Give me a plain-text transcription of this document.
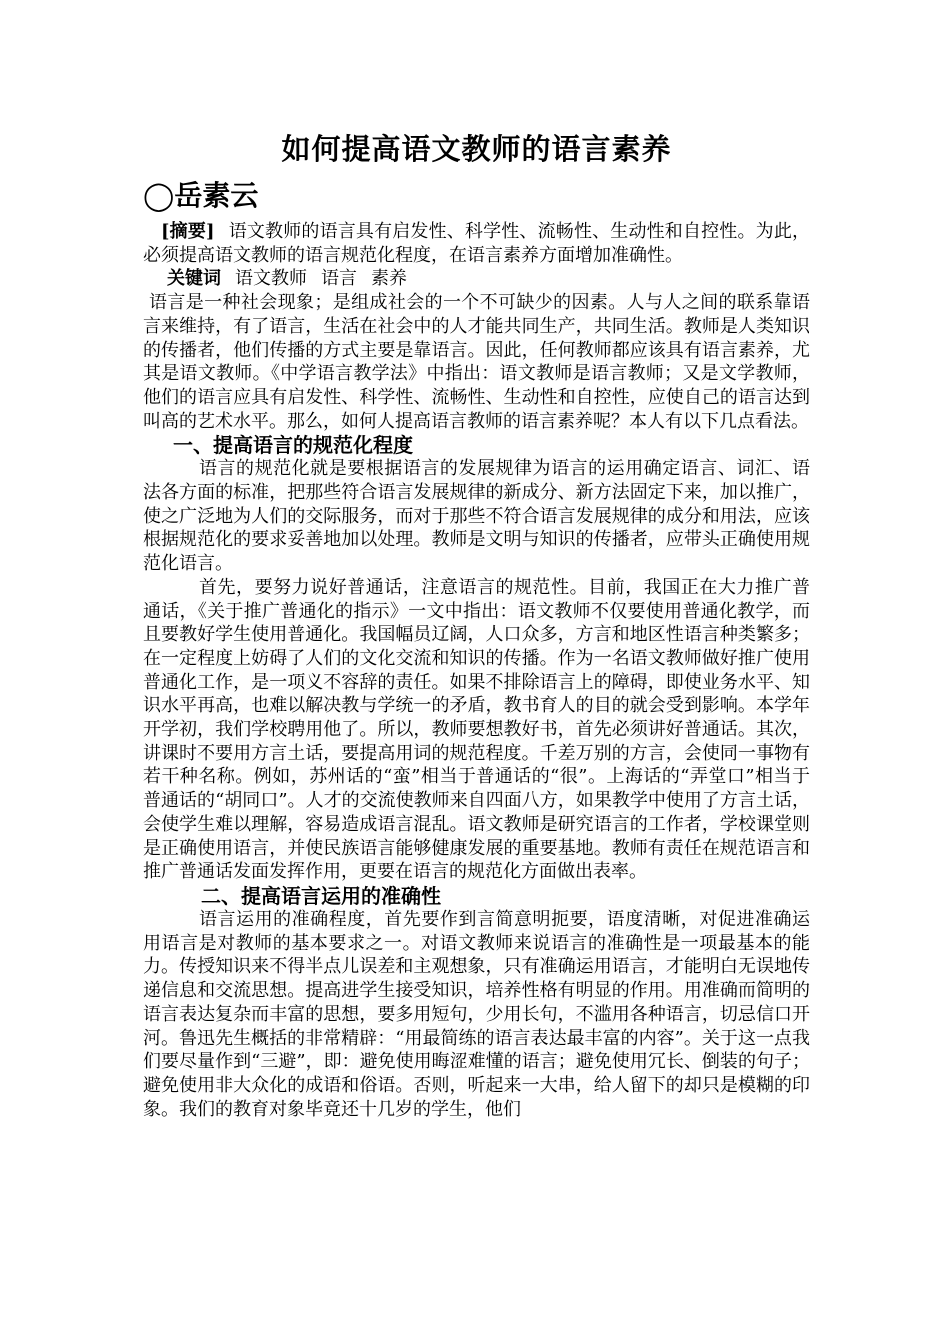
如何提高语文教师的语言素养
◯岳素云

[摘要] 语文教师的语言具有启发性、科学性、流畅性、生动性和自控性。为此，必须提高语文教师的语言规范化程度，在语言素养方面增加准确性。

关键词 语文教师 语言 素养

语言是一种社会现象；是组成社会的一个不可缺少的因素。人与人之间的联系靠语言来维持，有了语言，生活在社会中的人才能共同生产，共同生活。教师是人类知识的传播者，他们传播的方式主要是靠语言。因此，任何教师都应该具有语言素养，尤其是语文教师。《中学语言教学法》中指出：语文教师是语言教师；又是文学教师，他们的语言应具有启发性、科学性、流畅性、生动性和自控性，应使自己的语言达到叫高的艺术水平。那么，如何人提高语言教师的语言素养呢？本人有以下几点看法。

一、提高语言的规范化程度

语言的规范化就是要根据语言的发展规律为语言的运用确定语言、词汇、语法各方面的标准，把那些符合语言发展规律的新成分、新方法固定下来，加以推广，使之广泛地为人们的交际服务，而对于那些不符合语言发展规律的成分和用法，应该根据规范化的要求妥善地加以处理。教师是文明与知识的传播者，应带头正确使用规范化语言。

首先，要努力说好普通话，注意语言的规范性。目前，我国正在大力推广普通话，《关于推广普通化的指示》一文中指出：语文教师不仅要使用普通化教学，而且要教好学生使用普通化。我国幅员辽阔，人口众多，方言和地区性语言种类繁多；在一定程度上妨碍了人们的文化交流和知识的传播。作为一名语文教师做好推广使用普通化工作，是一项义不容辞的责任。如果不排除语言上的障碍，即使业务水平、知识水平再高，也难以解决教与学统一的矛盾，教书育人的目的就会受到影响。本学年开学初，我们学校聘用他了。所以，教师要想教好书，首先必须讲好普通话。其次，讲课时不要用方言土话，要提高用词的规范程度。千差万别的方言，会使同一事物有若干种名称。例如，苏州话的“蛮”相当于普通话的“很”。上海话的“弄堂口”相当于普通话的“胡同口”。人才的交流使教师来自四面八方，如果教学中使用了方言土话，会使学生难以理解，容易造成语言混乱。语文教师是研究语言的工作者，学校课堂则是正确使用语言，并使民族语言能够健康发展的重要基地。教师有责任在规范语言和推广普通话发面发挥作用，更要在语言的规范化方面做出表率。

二、提高语言运用的准确性

语言运用的准确程度，首先要作到言简意明扼要，语度清晰，对促进准确运用语言是对教师的基本要求之一。对语文教师来说语言的准确性是一项最基本的能力。传授知识来不得半点儿误差和主观想象，只有准确运用语言，才能明白无误地传递信息和交流思想。提高进学生接受知识，培养性格有明显的作用。用准确而简明的语言表达复杂而丰富的思想，要多用短句，少用长句，不滥用各种语言，切忌信口开河。鲁迅先生概括的非常精辟：“用最简练的语言表达最丰富的内容”。关于这一点我们要尽量作到“三避”，即：避免使用晦涩难懂的语言；避免使用冗长、倒装的句子；避免使用非大众化的成语和俗语。否则，听起来一大串，给人留下的却只是模糊的印象。我们的教育对象毕竟还十几岁的学生，他们
